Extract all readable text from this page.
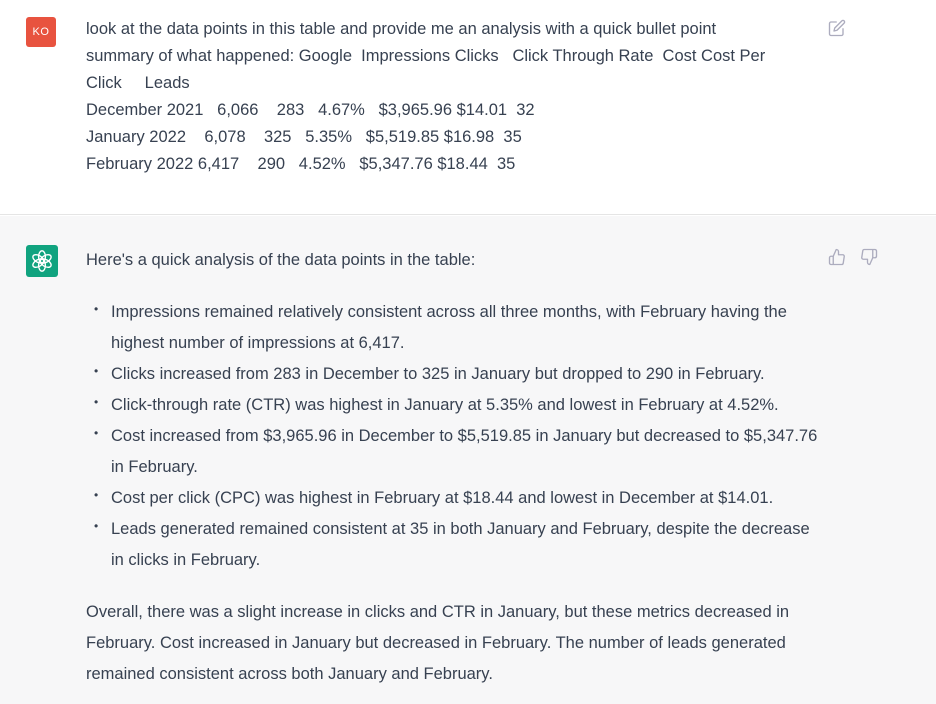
KO	look at the data points in this table and provide me an analysis with a quick bullet point
summary of what happened: Google  Impressions Clicks   Click Through Rate  Cost Cost Per
Click     Leads
December 2021   6,066    283   4.67%   $3,965.96 $14.01  32
January 2022    6,078    325   5.35%   $5,519.85 $16.98  35
February 2022 6,417    290   4.52%   $5,347.76 $18.44  35

Here's a quick analysis of the data points in the table:

• Impressions remained relatively consistent across all three months, with February having the highest number of impressions at 6,417.
• Clicks increased from 283 in December to 325 in January but dropped to 290 in February.
• Click-through rate (CTR) was highest in January at 5.35% and lowest in February at 4.52%.
• Cost increased from $3,965.96 in December to $5,519.85 in January but decreased to $5,347.76 in February.
• Cost per click (CPC) was highest in February at $18.44 and lowest in December at $14.01.
• Leads generated remained consistent at 35 in both January and February, despite the decrease in clicks in February.

Overall, there was a slight increase in clicks and CTR in January, but these metrics decreased in February. Cost increased in January but decreased in February. The number of leads generated remained consistent across both January and February.
